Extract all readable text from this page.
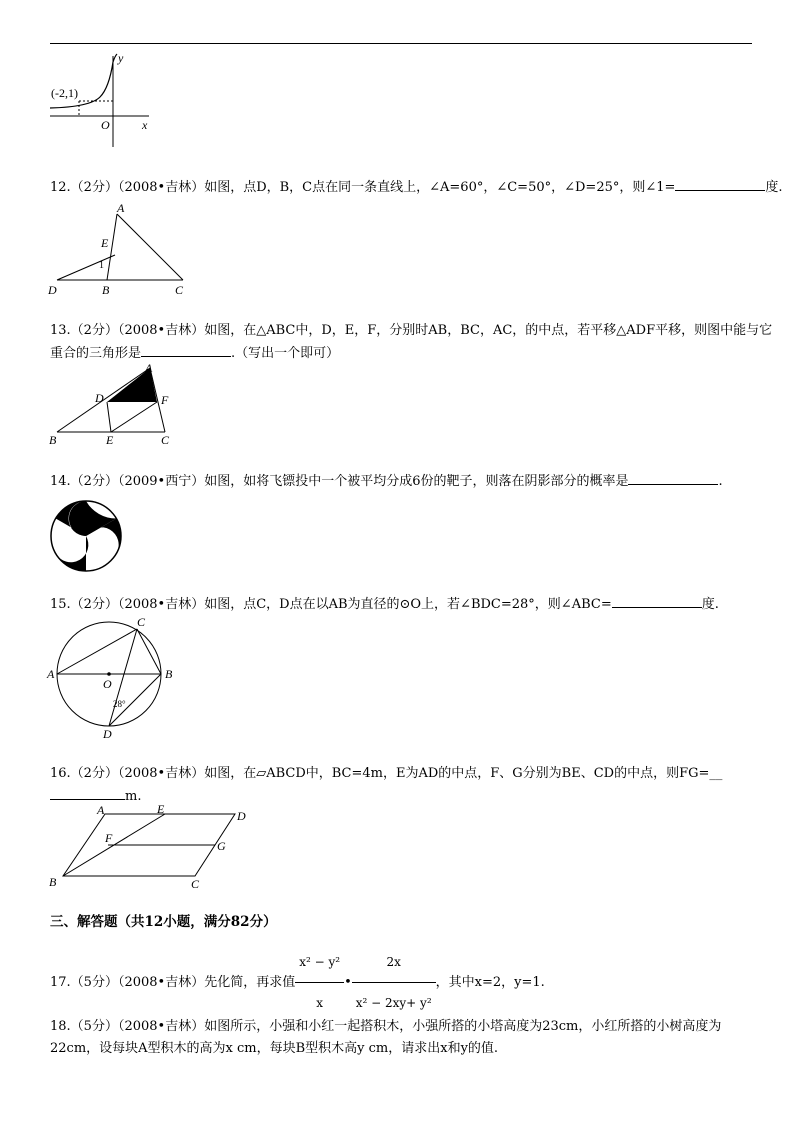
(-2,1)
y
x
O
12.（2分）（2008•吉林）如图，点D，B，C点在同一条直线上，∠A=60°，∠C=50°，∠D=25°，则∠1=	度.
A
E
1
D	B	C
13.（2分）（2008•吉林）如图，在△ABC中，D，E，F，分别时AB，BC，AC，的中点，若平移△ADF平移，则图中能与它
重合的三角形是	.（写出一个即可）
A
D	F
B	E	C
14.（2分）（2009•西宁）如图，如将飞镖投中一个被平均分成6份的靶子，则落在阴影部分的概率是	.
15.（2分）（2008•吉林）如图，点C，D点在以AB为直径的⊙O上，若∠BDC=28°，则∠ABC=	度.
A	B
C
D
O
28°
16.（2分）（2008•吉林）如图，在▱ABCD中，BC=4m，E为AD的中点，F、G分别为BE、CD的中点，则FG=__
m.
A	E	D
F
G
B	C
三、解答题（共12小题，满分82分）
17.（5分）（2008•吉林）先化简，再求值 $\frac{\text{x² − y²}}{x}$ • $\frac{2x}{\text{x² − 2xy+ y²}}$ ，其中x=2，y=1.
18.（5分）（2008•吉林）如图所示，小强和小红一起搭积木，小强所搭的小塔高度为23cm，小红所搭的小树高度为
22cm，设每块A型积木的高为x cm，每块B型积木高y cm，请求出x和y的值.
